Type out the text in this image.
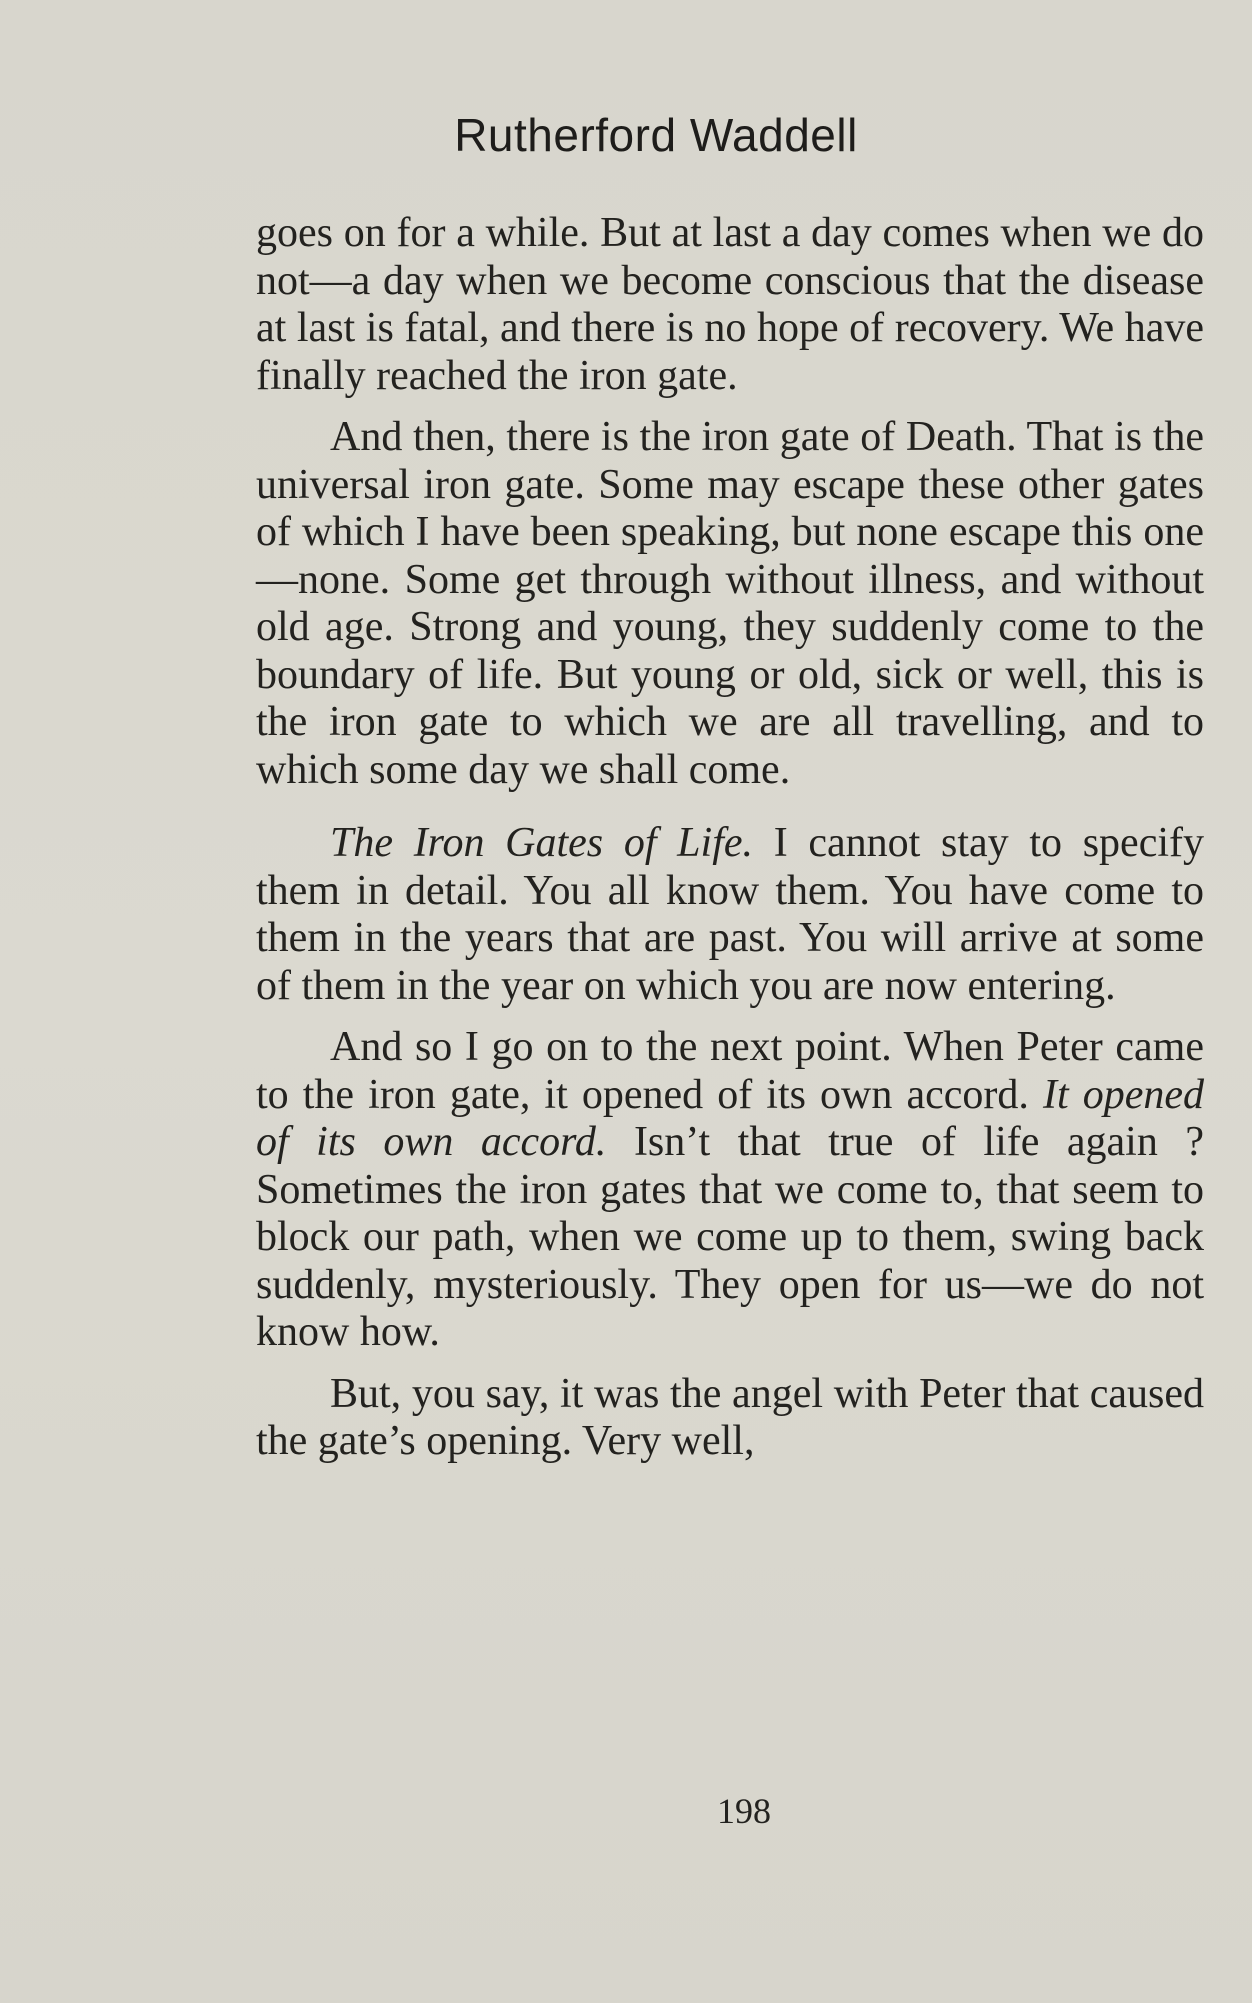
Rutherford Waddell

goes on for a while. But at last a day comes when we do not—a day when we become conscious that the disease at last is fatal, and there is no hope of recovery. We have finally reached the iron gate.

And then, there is the iron gate of Death. That is the universal iron gate. Some may escape these other gates of which I have been speaking, but none escape this one—none. Some get through without illness, and without old age. Strong and young, they suddenly come to the boundary of life. But young or old, sick or well, this is the iron gate to which we are all travelling, and to which some day we shall come.

The Iron Gates of Life. I cannot stay to specify them in detail. You all know them. You have come to them in the years that are past. You will arrive at some of them in the year on which you are now entering.

And so I go on to the next point. When Peter came to the iron gate, it opened of its own accord. It opened of its own accord. Isn’t that true of life again ? Sometimes the iron gates that we come to, that seem to block our path, when we come up to them, swing back suddenly, mysteriously. They open for us—we do not know how.

But, you say, it was the angel with Peter that caused the gate’s opening. Very well,

198
